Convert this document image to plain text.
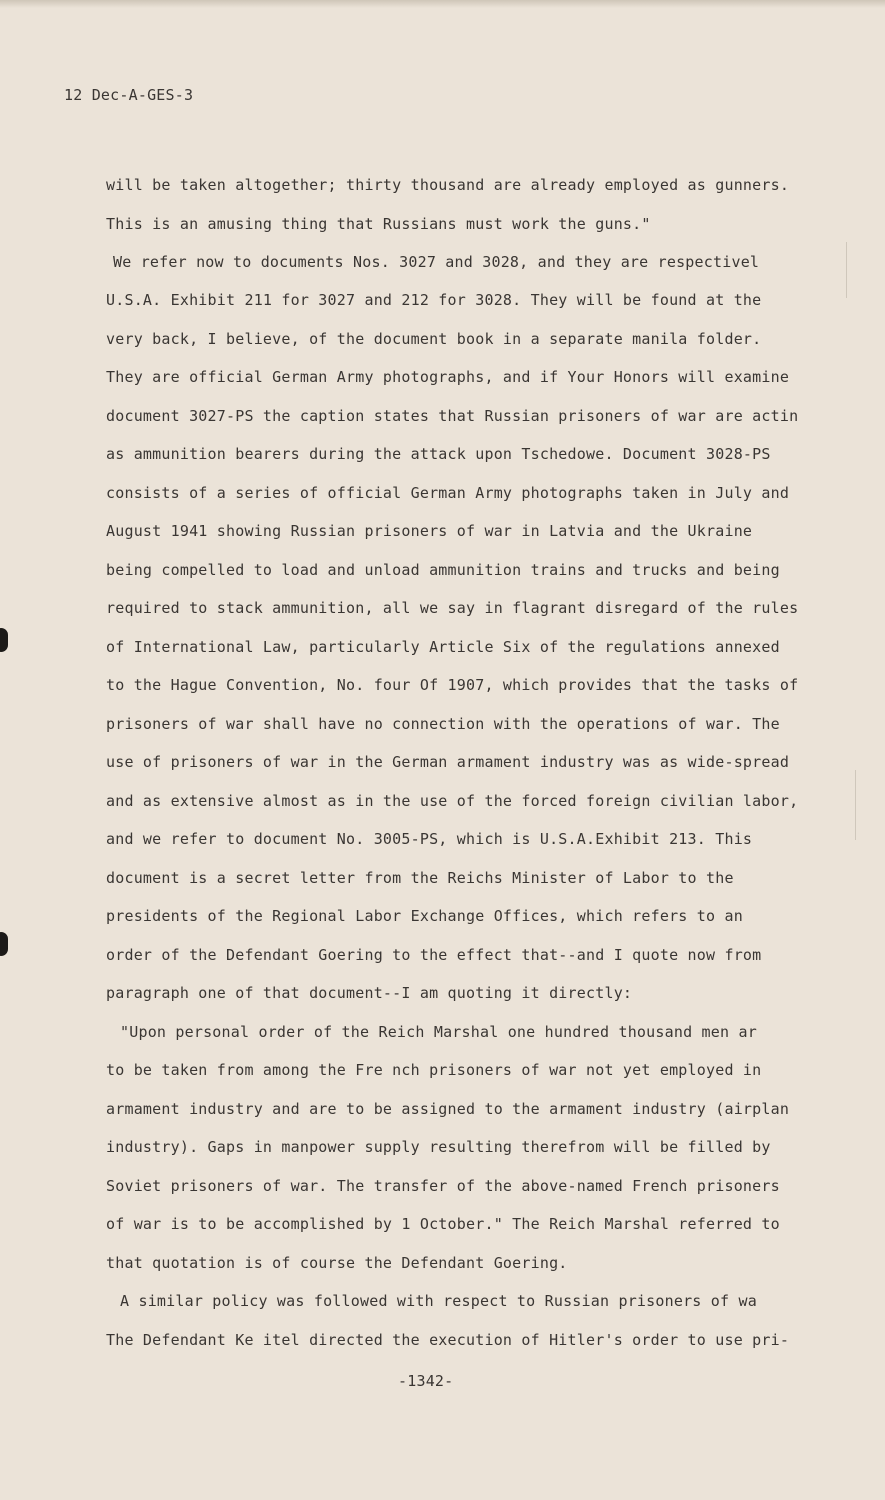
12 Dec-A-GES-3
will be taken altogether; thirty thousand are already employed as gunners.
This is an amusing thing that Russians must work the guns."
We refer now to documents Nos. 3027 and 3028, and they are respectivel
U.S.A. Exhibit 211 for 3027 and 212 for 3028. They will be found at the
very back, I believe, of the document book in a separate manila folder.
They are official German Army photographs, and if Your Honors will examine
document 3027-PS the caption states that Russian prisoners of war are actin
as ammunition bearers during the attack upon Tschedowe. Document 3028-PS
consists of a series of official German Army photographs taken in July and
August 1941 showing Russian prisoners of war in Latvia and the Ukraine
being compelled to load and unload ammunition trains and trucks and being
required to stack ammunition, all we say in flagrant disregard of the rules
of International Law, particularly Article Six of the regulations annexed
to the Hague Convention, No. four Of 1907, which provides that the tasks of
prisoners of war shall have no connection with the operations of war. The
use of prisoners of war in the German armament industry was as wide-spread
and as extensive almost as in the use of the forced foreign civilian labor,
and we refer to document No. 3005-PS, which is U.S.A.Exhibit 213. This
document is a secret letter from the Reichs Minister of Labor to the
presidents of the Regional Labor Exchange Offices, which refers to an
order of the Defendant Goering to the effect that--and I quote now from
paragraph one of that document--I am quoting it directly:
"Upon personal order of the Reich Marshal one hundred thousand men ar
to be taken from among the Fre nch prisoners of war not yet employed in
armament industry and are to be assigned to the armament industry (airplan
industry). Gaps in manpower supply resulting therefrom will be filled by
Soviet prisoners of war. The transfer of the above-named French prisoners
of war is to be accomplished by 1 October." The Reich Marshal referred to
that quotation is of course the Defendant Goering.
A similar policy was followed with respect to Russian prisoners of wa
The Defendant Ke itel directed the execution of Hitler's order to use pri-
-1342-
